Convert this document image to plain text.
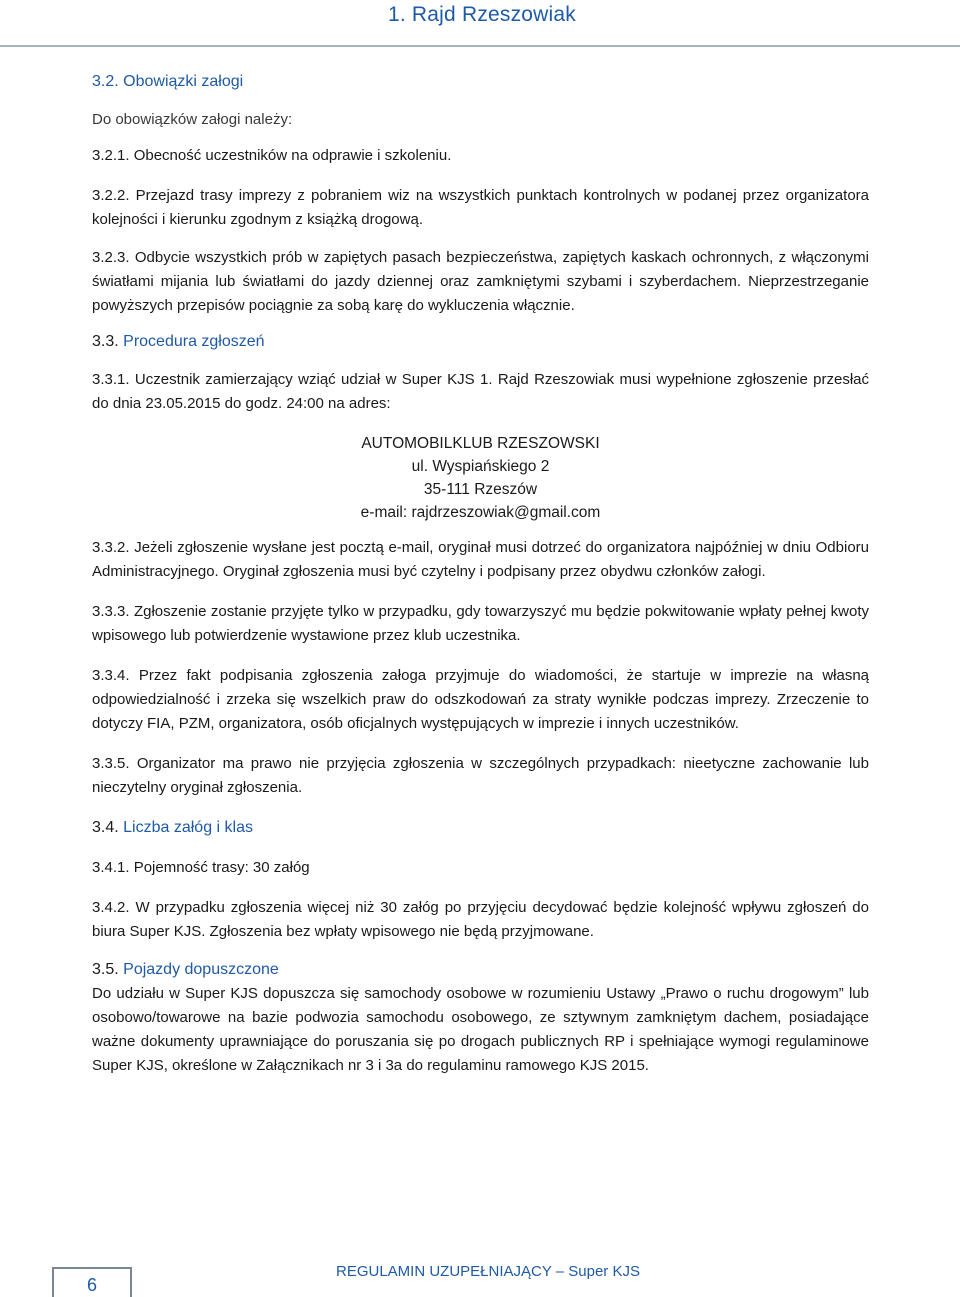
1. Rajd Rzeszowiak

3.2. Obowiązki załogi

Do obowiązków załogi należy:

3.2.1. Obecność uczestników na odprawie i szkoleniu.

3.2.2. Przejazd trasy imprezy z pobraniem wiz na wszystkich punktach kontrolnych w podanej przez organizatora kolejności i kierunku zgodnym z książką drogową.

3.2.3. Odbycie wszystkich prób w zapiętych pasach bezpieczeństwa, zapiętych kaskach ochronnych, z włączonymi światłami mijania lub światłami do jazdy dziennej oraz zamkniętymi szybami i szyberdachem. Nieprzestrzeganie powyższych przepisów pociągnie za sobą karę do wykluczenia włącznie.

3.3. Procedura zgłoszeń

3.3.1. Uczestnik zamierzający wziąć udział w Super KJS 1. Rajd Rzeszowiak musi wypełnione zgłoszenie przesłać do dnia 23.05.2015 do godz. 24:00 na adres:

AUTOMOBILKLUB RZESZOWSKI
ul. Wyspiańskiego 2
35-111 Rzeszów
e-mail: rajdrzeszowiak@gmail.com

3.3.2. Jeżeli zgłoszenie wysłane jest pocztą e-mail, oryginał musi dotrzeć do organizatora najpóźniej w dniu Odbioru Administracyjnego. Oryginał zgłoszenia musi być czytelny i podpisany przez obydwu członków załogi.

3.3.3. Zgłoszenie zostanie przyjęte tylko w przypadku, gdy towarzyszyć mu będzie pokwitowanie wpłaty pełnej kwoty wpisowego lub potwierdzenie wystawione przez klub uczestnika.

3.3.4. Przez fakt podpisania zgłoszenia załoga przyjmuje do wiadomości, że startuje w imprezie na własną odpowiedzialność i zrzeka się wszelkich praw do odszkodowań za straty wynikłe podczas imprezy. Zrzeczenie to dotyczy FIA, PZM, organizatora, osób oficjalnych występujących w imprezie i innych uczestników.

3.3.5. Organizator ma prawo nie przyjęcia zgłoszenia w szczególnych przypadkach: nieetyczne zachowanie lub nieczytelny oryginał zgłoszenia.

3.4. Liczba załóg i klas

3.4.1. Pojemność trasy: 30 załóg

3.4.2. W przypadku zgłoszenia więcej niż 30 załóg po przyjęciu decydować będzie kolejność wpływu zgłoszeń do biura Super KJS. Zgłoszenia bez wpłaty wpisowego nie będą przyjmowane.

3.5. Pojazdy dopuszczone

Do udziału w Super KJS dopuszcza się samochody osobowe w rozumieniu Ustawy „Prawo o ruchu drogowym” lub osobowo/towarowe na bazie podwozia samochodu osobowego, ze sztywnym zamkniętym dachem, posiadające ważne dokumenty uprawniające do poruszania się po drogach publicznych RP i spełniające wymogi regulaminowe Super KJS, określone w Załącznikach nr 3 i 3a do regulaminu ramowego KJS 2015.

6
REGULAMIN UZUPEŁNIAJĄCY – Super KJS
